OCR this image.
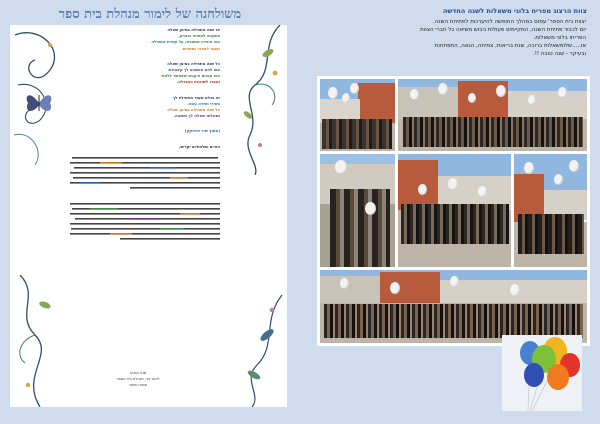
משולחנה של לימור מנהלת בית ספר
אז שנה מתחילה בסימן שאלה
בתקווה לעשייה ובצדק,
כמו ציפייה מתמדת, על עמדת מתחילה
ועוגה לאפור נסתרים.
כל שנה מתחילה בסימן שאלה
כמו להם חושבים לך קצוניות.
כמו ענבים ורקנים שאפשר ללמוד
ומצרו לשוננות המגדלה.
זה נפלא שעוד מתחילה לך
בשירי ושירה עוגה.
כל שנה מתחילה בסימן שאלה
ושאלתו שאלה לך תשובה.
(מתוך שיר אייזיקון)
הורים ותלמידים יקרים,
שנה טובה!
לימור גדי, מנהלת בית הספר
וצוות החינוך
צוות הרצוג מפריח בלוני משאלות לשנה החדשה
יצוות בית הספר' עמוס במהלך החופשה להיערכות לפתיחת השנה.
יום לכבוד פתיחת השנה, המקיימים פעולות גיבוש משיאה כל חברי הצוות
הפריחו בלוני משאלות.
או.....שלומשאלות ברוכה, שנת בריאות, צמיחה, הנאה, התפתחות
ובעיקר - שנה טובה !!.
